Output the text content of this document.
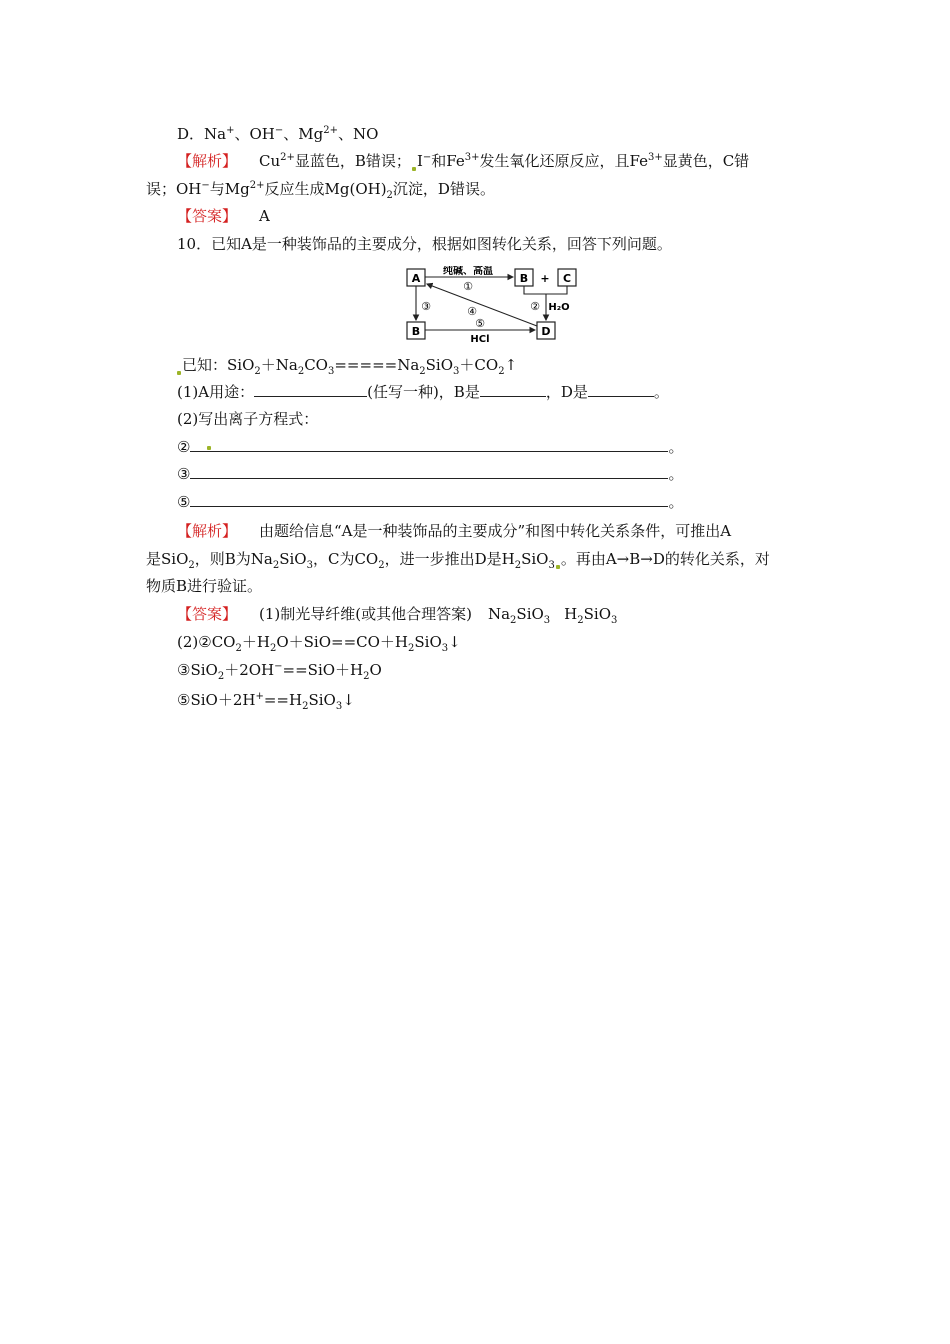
D．Na+、OH−、$Mg^{2+}$、NO
【解析】 $Cu^{2+}$显蓝色，B错误； I−和$Fe^{3+}$发生氧化还原反应，且$Fe^{3+}$显黄色，C错
误；OH−与$Mg^{2+}$反应生成$Mg(OH)_2$沉淀，D错误。
【答案】 A
10．已知A是一种装饰品的主要成分，根据如图转化关系，回答下列问题。
A	B + C
B	D
纯碱、高温
①
② H₂O
③	④
⑤
HCl
已知：$SiO_2+Na_2CO_3=====Na_2SiO_3+CO_2↑$
(1)A用途：	(任写一种)，B是	，D是	。
(2)写出离子方程式：
②	。
③	。
⑤	。
【解析】 由题给信息“A是一种装饰品的主要成分”和图中转化关系条件，可推出A
是SiO$_2$，则B为$Na_2SiO_3$，C为$CO_2$，进一步推出D是$H_2SiO_3$ 。再由A→B→D的转化关系，对
物质B进行验证。
【答案】 (1)制光导纤维(或其他合理答案) $Na_2SiO_3$ $H_2SiO_3$
$(2)②CO_2+H_2O+SiO==CO+H_2SiO_3↓$
$③SiO_2+2OH^-==SiO+H_2O$
$⑤SiO+2H^+==H_2SiO_3↓$
